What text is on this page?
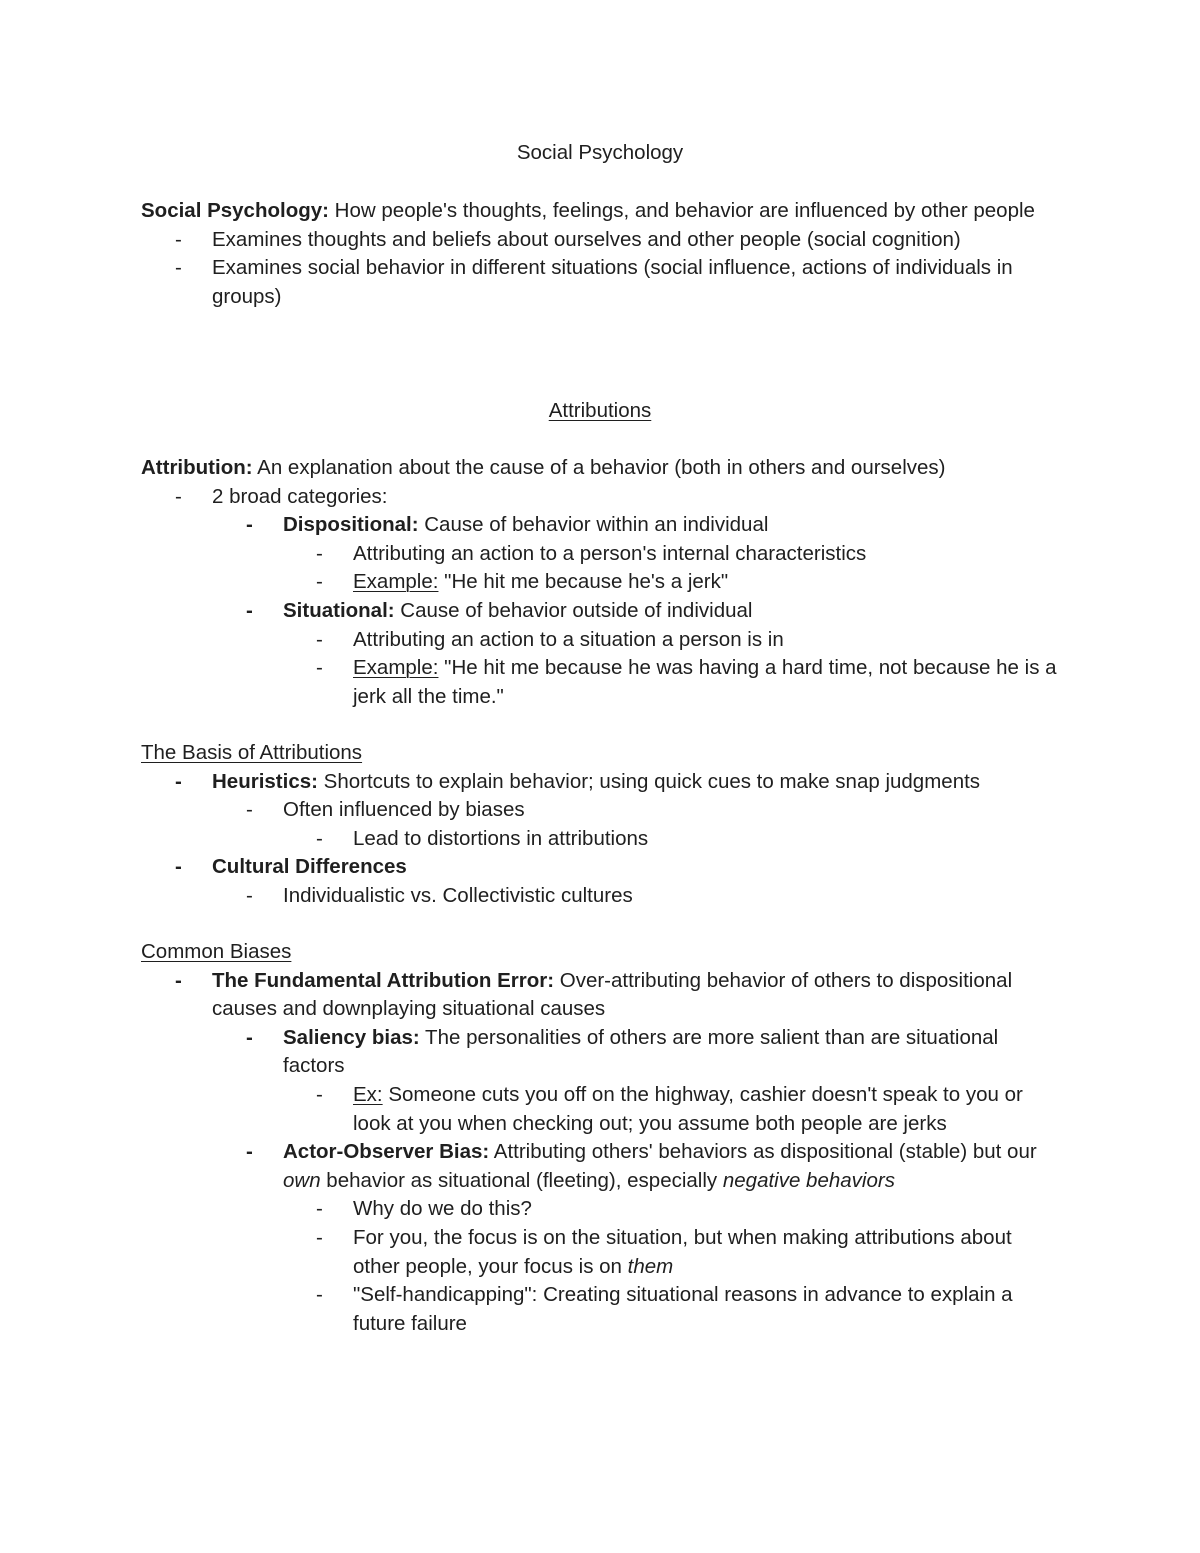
Social Psychology
Social Psychology: How people's thoughts, feelings, and behavior are influenced by other people
- Examines thoughts and beliefs about ourselves and other people (social cognition)
- Examines social behavior in different situations (social influence, actions of individuals in groups)
Attributions
Attribution: An explanation about the cause of a behavior (both in others and ourselves)
- 2 broad categories:
- Dispositional: Cause of behavior within an individual
- Attributing an action to a person's internal characteristics
- Example: "He hit me because he's a jerk"
- Situational: Cause of behavior outside of individual
- Attributing an action to a situation a person is in
- Example: "He hit me because he was having a hard time, not because he is a jerk all the time."
The Basis of Attributions
- Heuristics: Shortcuts to explain behavior; using quick cues to make snap judgments
- Often influenced by biases
- Lead to distortions in attributions
- Cultural Differences
- Individualistic vs. Collectivistic cultures
Common Biases
- The Fundamental Attribution Error: Over-attributing behavior of others to dispositional causes and downplaying situational causes
- Saliency bias: The personalities of others are more salient than are situational factors
- Ex: Someone cuts you off on the highway, cashier doesn't speak to you or look at you when checking out; you assume both people are jerks
- Actor-Observer Bias: Attributing others' behaviors as dispositional (stable) but our own behavior as situational (fleeting), especially negative behaviors
- Why do we do this?
- For you, the focus is on the situation, but when making attributions about other people, your focus is on them
- "Self-handicapping": Creating situational reasons in advance to explain a future failure
